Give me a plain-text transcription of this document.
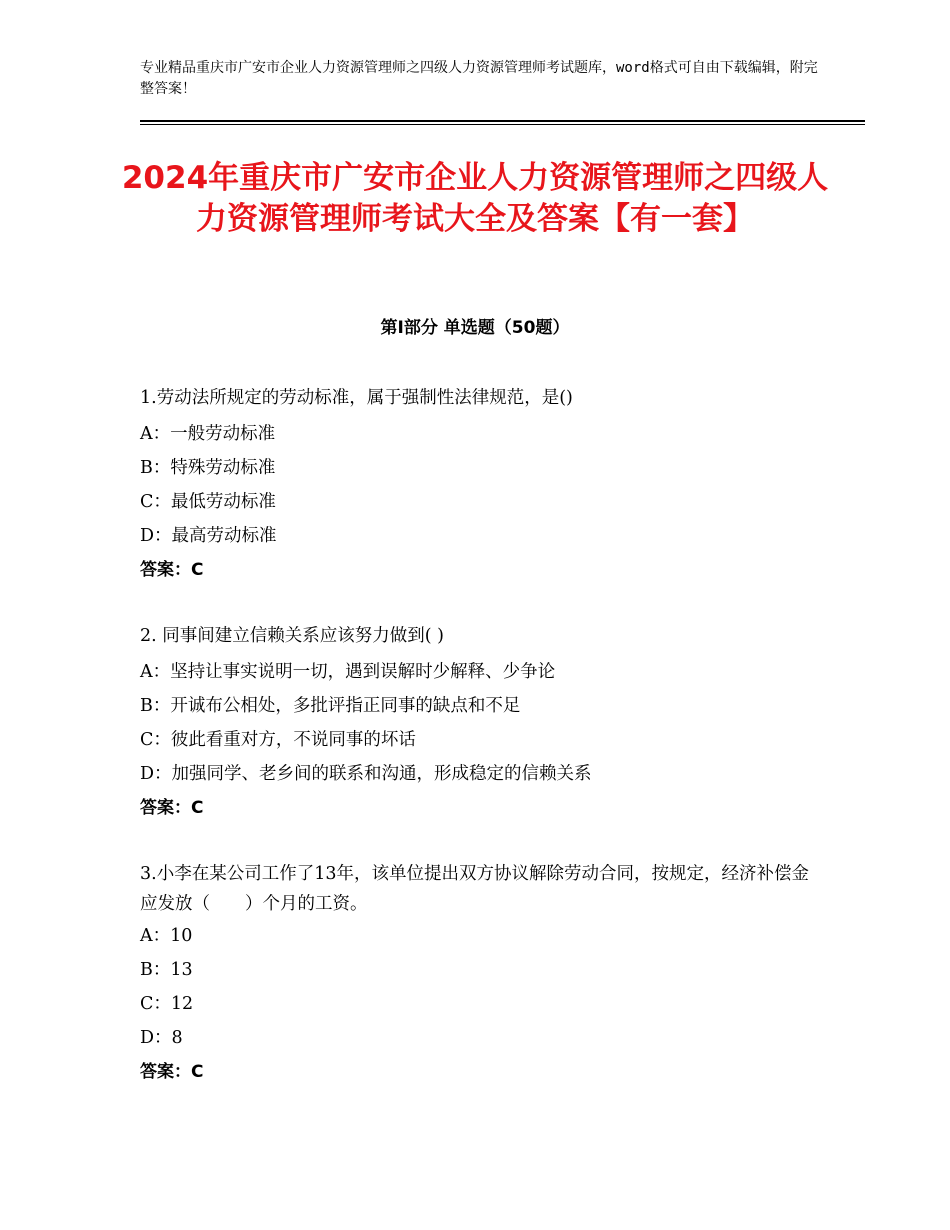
专业精品重庆市广安市企业人力资源管理师之四级人力资源管理师考试题库，word格式可自由下载编辑，附完整答案！
2024年重庆市广安市企业人力资源管理师之四级人力资源管理师考试大全及答案【有一套】
第Ⅰ部分 单选题（50题）
1.劳动法所规定的劳动标准，属于强制性法律规范，是()
A：一般劳动标准
B：特殊劳动标准
C：最低劳动标准
D：最高劳动标准
答案：C
2. 同事间建立信赖关系应该努力做到( )
A：坚持让事实说明一切，遇到误解时少解释、少争论
B：开诚布公相处，多批评指正同事的缺点和不足
C：彼此看重对方，不说同事的坏话
D：加强同学、老乡间的联系和沟通，形成稳定的信赖关系
答案：C
3.小李在某公司工作了13年，该单位提出双方协议解除劳动合同，按规定，经济补偿金应发放（　　）个月的工资。
A：10
B：13
C：12
D：8
答案：C
